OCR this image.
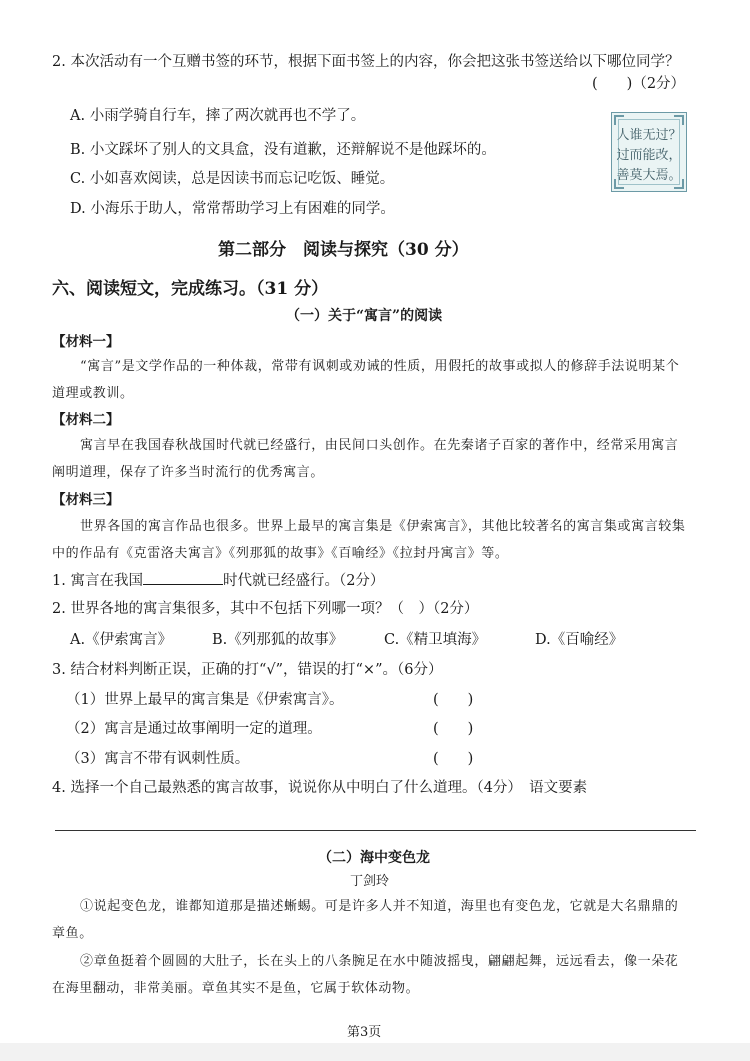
2. 本次活动有一个互赠书签的环节，根据下面书签上的内容，你会把这张书签送给以下哪位同学？
(　　)（2分）
A. 小雨学骑自行车，摔了两次就再也不学了。
B. 小文踩坏了别人的文具盒，没有道歉，还辩解说不是他踩坏的。
C. 小如喜欢阅读，总是因读书而忘记吃饭、睡觉。
D. 小海乐于助人，常常帮助学习上有困难的同学。
人谁无过？
过而能改，
善莫大焉。
第二部分　阅读与探究（30 分）
六、阅读短文，完成练习。（31 分）
（一）关于“寓言”的阅读
【材料一】
“寓言”是文学作品的一种体裁，常带有讽刺或劝诫的性质，用假托的故事或拟人的修辞手法说明某个
道理或教训。
【材料二】
寓言早在我国春秋战国时代就已经盛行，由民间口头创作。在先秦诸子百家的著作中，经常采用寓言
阐明道理，保存了许多当时流行的优秀寓言。
【材料三】
世界各国的寓言作品也很多。世界上最早的寓言集是《伊索寓言》，其他比较著名的寓言集或寓言较集
中的作品有《克雷洛夫寓言》《列那狐的故事》《百喻经》《拉封丹寓言》等。
1. 寓言在我国	时代就已经盛行。（2分）
2. 世界各地的寓言集很多，其中不包括下列哪一项？（　）（2分）
A.《伊索寓言》	B.《列那狐的故事》	C.《精卫填海》	D.《百喻经》
3. 结合材料判断正误，正确的打“√”，错误的打“×”。（6分）
（1）世界上最早的寓言集是《伊索寓言》。	(　　)
（2）寓言是通过故事阐明一定的道理。	(　　)
（3）寓言不带有讽刺性质。	(　　)
4. 选择一个自己最熟悉的寓言故事，说说你从中明白了什么道理。（4分）　语文要素
（二）海中变色龙
丁剑玲
①说起变色龙，谁都知道那是描述蜥蜴。可是许多人并不知道，海里也有变色龙，它就是大名鼎鼎的
章鱼。
②章鱼挺着个圆圆的大肚子，长在头上的八条腕足在水中随波摇曳，翩翩起舞，远远看去，像一朵花
在海里翻动，非常美丽。章鱼其实不是鱼，它属于软体动物。
第3页
